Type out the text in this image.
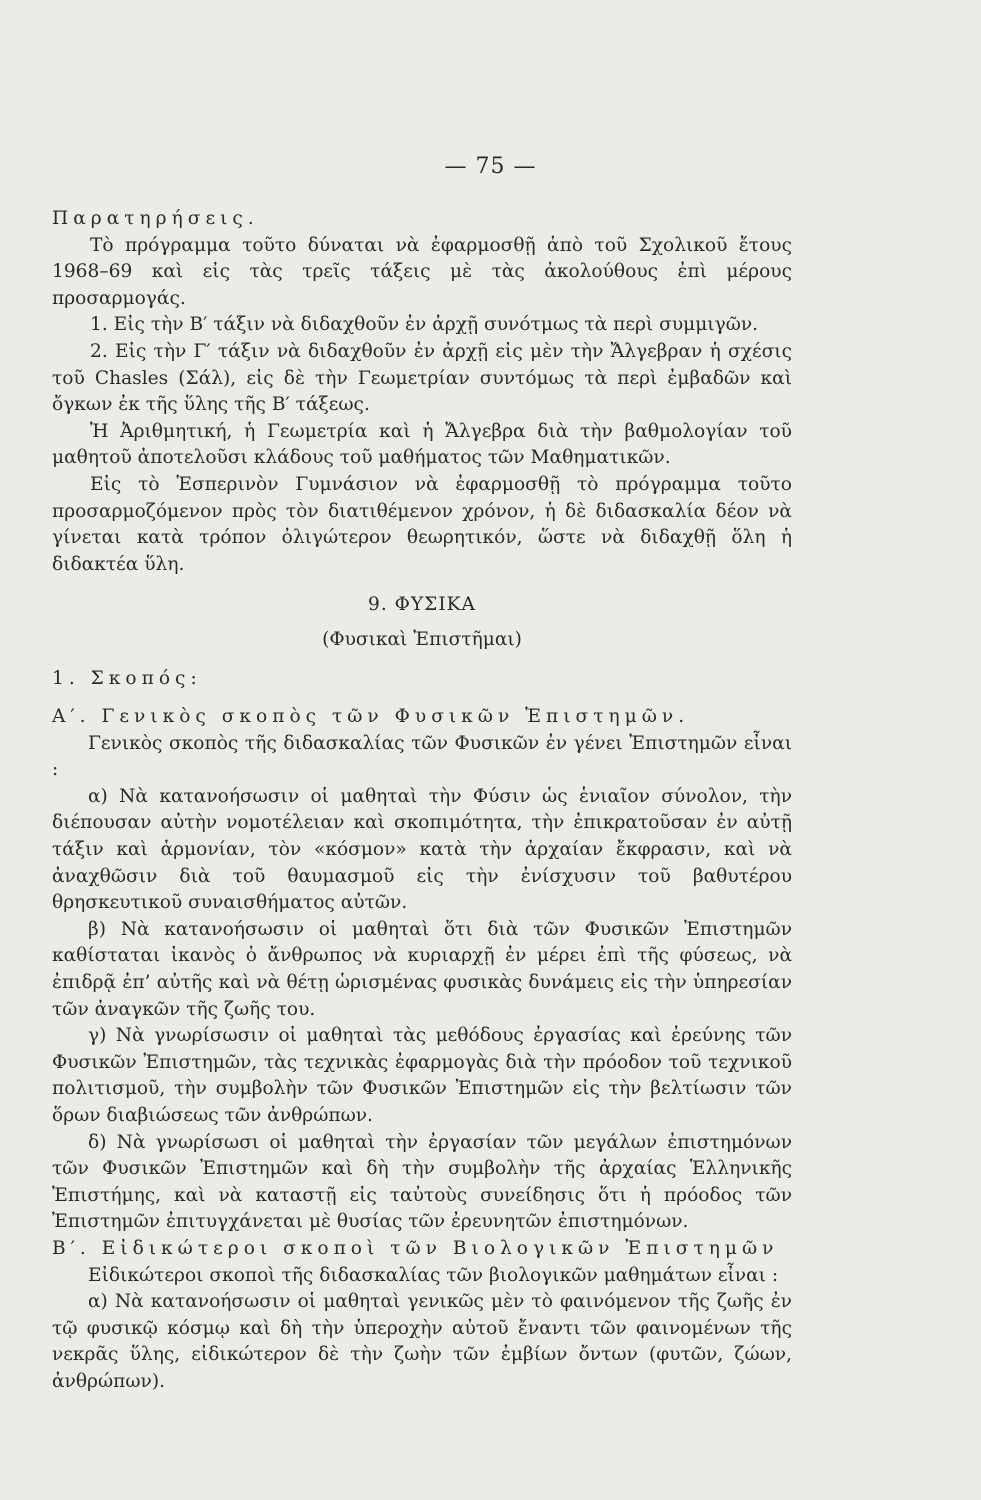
— 75 —

Παρατηρήσεις.

Τὸ πρόγραμμα τοῦτο δύναται νὰ ἐφαρμοσθῇ ἀπὸ τοῦ Σχολικοῦ ἔτους 1968–69 καὶ εἰς τὰς τρεῖς τάξεις μὲ τὰς ἀκολούθους ἐπὶ μέρους προσαρμογάς.

1. Εἰς τὴν Β′ τάξιν νὰ διδαχθοῦν ἐν ἀρχῇ συνότμως τὰ περὶ συμμιγῶν.

2. Εἰς τὴν Γ′ τάξιν νὰ διδαχθοῦν ἐν ἀρχῇ εἰς μὲν τὴν Ἄλγεβραν ἡ σχέσις τοῦ Chasles (Σάλ), εἰς δὲ τὴν Γεωμετρίαν συντόμως τὰ περὶ ἐμβαδῶν καὶ ὄγκων ἐκ τῆς ὕλης τῆς Β′ τάξεως.

Ἡ Ἀριθμητική, ἡ Γεωμετρία καὶ ἡ Ἄλγεβρα διὰ τὴν βαθμολογίαν τοῦ μαθητοῦ ἀποτελοῦσι κλάδους τοῦ μαθήματος τῶν Μαθηματικῶν.

Εἰς τὸ Ἑσπερινὸν Γυμνάσιον νὰ ἐφαρμοσθῇ τὸ πρόγραμμα τοῦτο προσαρμοζόμενον πρὸς τὸν διατιθέμενον χρόνον, ἡ δὲ διδασκαλία δέον νὰ γίνεται κατὰ τρόπον ὀλιγώτερον θεωρητικόν, ὥστε νὰ διδαχθῇ ὅλη ἡ διδακτέα ὕλη.

9. ΦΥΣΙΚΑ

(Φυσικαὶ Ἐπιστῆμαι)

1. Σκοπός:

Α′. Γενικὸς σκοπὸς τῶν Φυσικῶν Ἐπιστημῶν.

Γενικὸς σκοπὸς τῆς διδασκαλίας τῶν Φυσικῶν ἐν γένει Ἐπιστημῶν εἶναι :

α) Νὰ κατανοήσωσιν οἱ μαθηταὶ τὴν Φύσιν ὡς ἑνιαῖον σύνολον, τὴν διέπουσαν αὐτὴν νομοτέλειαν καὶ σκοπιμότητα, τὴν ἐπικρατοῦσαν ἐν αὐτῇ τάξιν καὶ ἁρμονίαν, τὸν «κόσμον» κατὰ τὴν ἀρχαίαν ἔκφρασιν, καὶ νὰ ἀναχθῶσιν διὰ τοῦ θαυμασμοῦ εἰς τὴν ἐνίσχυσιν τοῦ βαθυτέρου θρησκευτικοῦ συναισθήματος αὐτῶν.

β) Νὰ κατανοήσωσιν οἱ μαθηταὶ ὅτι διὰ τῶν Φυσικῶν Ἐπιστημῶν καθίσταται ἱκανὸς ὁ ἄνθρωπος νὰ κυριαρχῇ ἐν μέρει ἐπὶ τῆς φύσεως, νὰ ἐπιδρᾷ ἐπ’ αὐτῆς καὶ νὰ θέτῃ ὡρισμένας φυσικὰς δυνάμεις εἰς τὴν ὑπηρεσίαν τῶν ἀναγκῶν τῆς ζωῆς του.

γ) Νὰ γνωρίσωσιν οἱ μαθηταὶ τὰς μεθόδους ἐργασίας καὶ ἐρεύνης τῶν Φυσικῶν Ἐπιστημῶν, τὰς τεχνικὰς ἐφαρμογὰς διὰ τὴν πρόοδον τοῦ τεχνικοῦ πολιτισμοῦ, τὴν συμβολὴν τῶν Φυσικῶν Ἐπιστημῶν εἰς τὴν βελτίωσιν τῶν ὅρων διαβιώσεως τῶν ἀνθρώπων.

δ) Νὰ γνωρίσωσι οἱ μαθηταὶ τὴν ἐργασίαν τῶν μεγάλων ἐπιστημόνων τῶν Φυσικῶν Ἐπιστημῶν καὶ δὴ τὴν συμβολὴν τῆς ἀρχαίας Ἑλληνικῆς Ἐπιστήμης, καὶ νὰ καταστῇ εἰς ταὐτοὺς συνείδησις ὅτι ἡ πρόοδος τῶν Ἐπιστημῶν ἐπιτυγχάνεται μὲ θυσίας τῶν ἐρευνητῶν ἐπιστημόνων.

Β′. Εἰδικώτεροι σκοποὶ τῶν Βιολογικῶν Ἐπιστημῶν

Εἰδικώτεροι σκοποὶ τῆς διδασκαλίας τῶν βιολογικῶν μαθημάτων εἶναι :

α) Νὰ κατανοήσωσιν οἱ μαθηταὶ γενικῶς μὲν τὸ φαινόμενον τῆς ζωῆς ἐν τῷ φυσικῷ κόσμῳ καὶ δὴ τὴν ὑπεροχὴν αὐτοῦ ἔναντι τῶν φαινομένων τῆς νεκρᾶς ὕλης, εἰδικώτερον δὲ τὴν ζωὴν τῶν ἐμβίων ὄντων (φυτῶν, ζώων, ἀνθρώπων).
